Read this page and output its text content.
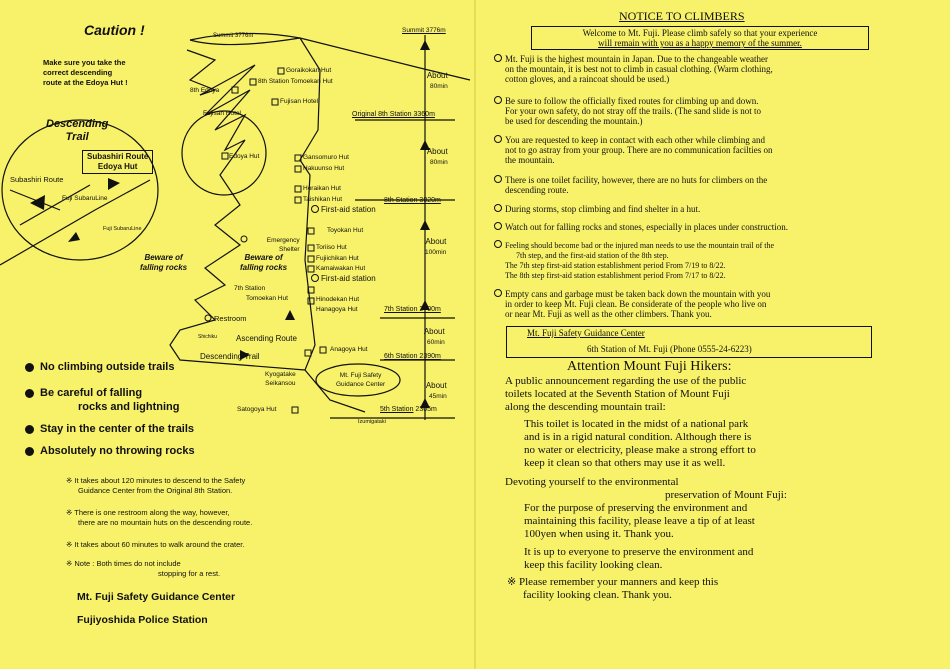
Caution !
Make sure you take the
correct descending
route at the Edoya Hut !
Descending
Trail
Subashiri Route
Edoya Hut
Subashiri Route
Fuji SubaruLine
Fuji SubaruLine
Summit 3776m
Summit 3776m
8th Edoya
Fujisan Hotel
Edoya Hut
Emergency
Shelter
Beware of
falling rocks
Beware of
falling rocks
7th Station
Tomoekan Hut
Restroom
Shichiku Ascending Route
Descending Trail
Kyogatake
Seikansou
Satogoya Hut
Izumigataki
Mt. Fuji Safety
Guidance Center
Goraikokan Hut
8th Station Tomoekan Hut
Fujisan Hotel
Gansomuro Hut
Hakuunso Hut
Horaikan Hut
Taishikan Hut
First-aid station
Toyokan Hut
Toriiso Hut
Fujiichikan Hut
Kamaiwakan Hut
First-aid station
Hinodekan Hut
Hanagoya Hut
Anagoya Hut
Original 8th Station 3360m
8th Station 3020m
7th Station 2700m
6th Station 2390m
5th Station 2305m
About
80min
About
80min
About
100min
About
60min
About
45min
No climbing outside trails
Be careful of falling
rocks and lightning
Stay in the center of the trails
Absolutely no throwing rocks
※ It takes about 120 minutes to descend to the Safety
Guidance Center from the Original 8th Station.
※ There is one restroom along the way, however,
there are no mountain huts on the descending route.
※ It takes about 60 minutes to walk around the crater.
※ Note : Both times do not include
stopping for a rest.
Mt. Fuji Safety Guidance Center
Fujiyoshida Police Station
NOTICE TO CLIMBERS
Welcome to Mt. Fuji. Please climb safely so that your experience
will remain with you as a happy memory of the summer.
Mt. Fuji is the highest mountain in Japan. Due to the changeable weather
on the mountain, it is best not to climb in casual clothing. (Warm clothing,
cotton gloves, and a raincoat should be used.)
Be sure to follow the officially fixed routes for climbing up and down.
For your own safety, do not stray off the trails. (The sand slide is not to
be used for descending the mountain.)
You are requested to keep in contact with each other while climbing and
not to go astray from your group. There are no communication facilties on
the mountain.
There is one toilet facility, however, there are no huts for climbers on the
descending route.
During storms, stop climbing and find shelter in a hut.
Watch out for falling rocks and stones, especially in places under construction.
Feeling should become bad or the injured man needs to use the mountain trail of the
7th step, and the first-aid station of the 8th step.
The 7th step first-aid station establishment period From 7/19 to 8/22.
The 8th step first-aid station establishment period From 7/17 to 8/22.
Empty cans and garbage must be taken back down the mountain with you
in order to keep Mt. Fuji clean. Be considerate of the people who live on
or near Mt. Fuji as well as the other climbers. Thank you.
Mt. Fuji Safety Guidance Center
6th Station of Mt. Fuji (Phone 0555-24-6223)
Attention Mount Fuji Hikers:
A public announcement regarding the use of the public
toilets located at the Seventh Station of Mount Fuji
along the descending mountain trail:
This toilet is located in the midst of a national park
and is in a rigid natural condition. Although there is
no water or electricity, please make a strong effort to
keep it clean so that others may use it as well.
Devoting yourself to the environmental
preservation of Mount Fuji:
For the purpose of preserving the environment and
maintaining this facility, please leave a tip of at least
100yen when using it. Thank you.
It is up to everyone to preserve the environment and
keep this facility looking clean.
※ Please remember your manners and keep this
facility looking clean. Thank you.
